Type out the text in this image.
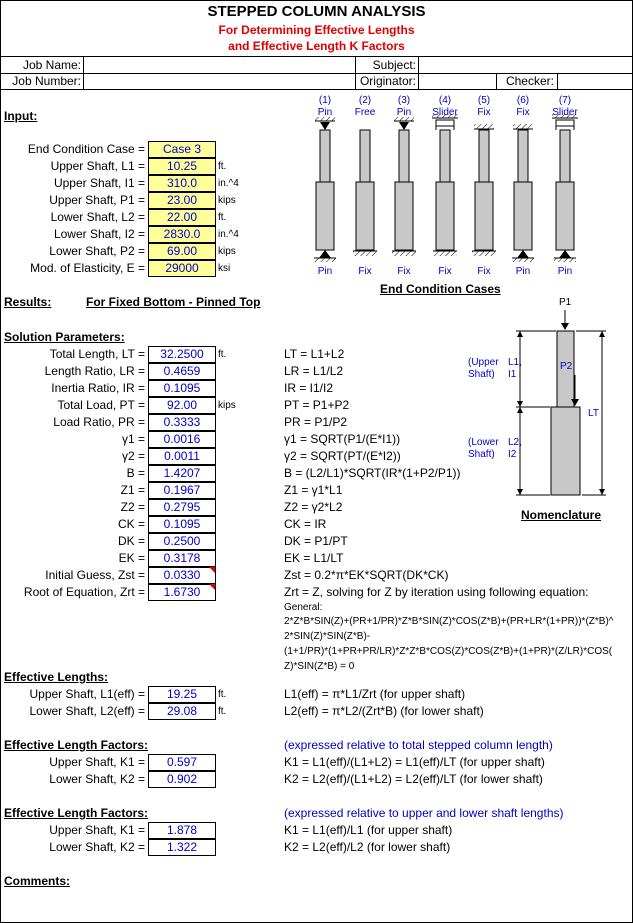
STEPPED COLUMN ANALYSIS
For Determining Effective Lengths
and Effective Length K Factors
Job Name:
Job Number:
Subject:
Originator:	Checker:
Input:
End Condition Case =	Case 3
Upper Shaft, L1 =	10.25	ft.
Upper Shaft, I1 =	310.0	in.^4
Upper Shaft, P1 =	23.00	kips
Lower Shaft, L2 =	22.00	ft.
Lower Shaft, I2 =	2830.0	in.^4
Lower Shaft, P2 =	69.00	kips
Mod. of Elasticity, E =	29000	ksi
(1)
Pin
Pin
(2)
Free
Fix
(3)
Pin
Fix
(4)
Slider
Fix
(5)
Fix
Fix
(6)
Fix
Pin
(7)
Slider
Pin
End Condition Cases
Results:	For Fixed Bottom - Pinned Top
Solution Parameters:
Total Length, LT =	32.2500	ft.	LT = L1+L2
Length Ratio, LR =	0.4659	LR = L1/L2
Inertia Ratio, IR =	0.1095	IR = I1/I2
Total Load, PT =	92.00	kips	PT = P1+P2
Load Ratio, PR =	0.3333	PR = P1/P2
γ1 =	0.0016	γ1 = SQRT(P1/(E*I1))
γ2 =	0.0011	γ2 = SQRT(PT/(E*I2))
B =	1.4207	B = (L2/L1)*SQRT(IR*(1+P2/P1))
Z1 =	0.1967	Z1 = γ1*L1
Z2 =	0.2795	Z2 = γ2*L2
CK =	0.1095	CK = IR
DK =	0.2500	DK = P1/PT
EK =	0.3178	EK = L1/LT
Initial Guess, Zst =	0.0330	Zst = 0.2*π*EK*SQRT(DK*CK)
Root of Equation, Zrt =	1.6730	Zrt = Z, solving for Z by iteration using following equation:
General:
2*Z*B*SIN(Z)+(PR+1/PR)*Z*B*SIN(Z)*COS(Z*B)+(PR+LR*(1+PR))*(Z*B)^
2*SIN(Z)*SIN(Z*B)-
(1+1/PR)*(1+PR+PR/LR)*Z*Z*B*COS(Z)*COS(Z*B)+(1+PR)*(Z/LR)*COS(
Z)*SIN(Z*B) = 0
P1
P2
LT
(Upper
Shaft)
L1,
I1
(Lower
Shaft)
L2,
I2
Nomenclature
Effective Lengths:
Upper Shaft, L1(eff) =	19.25	ft.	L1(eff) = π*L1/Zrt (for upper shaft)
Lower Shaft, L2(eff) =	29.08	ft.	L2(eff) = π*L2/(Zrt*B) (for lower shaft)
Effective Length Factors:	(expressed relative to total stepped column length)
Upper Shaft, K1 =	0.597	K1 = L1(eff)/(L1+L2) = L1(eff)/LT (for upper shaft)
Lower Shaft, K2 =	0.902	K2 = L2(eff)/(L1+L2) = L2(eff)/LT (for lower shaft)
Effective Length Factors:	(expressed relative to upper and lower shaft lengths)
Upper Shaft, K1 =	1.878	K1 = L1(eff)/L1 (for upper shaft)
Lower Shaft, K2 =	1.322	K2 = L2(eff)/L2 (for lower shaft)
Comments:
